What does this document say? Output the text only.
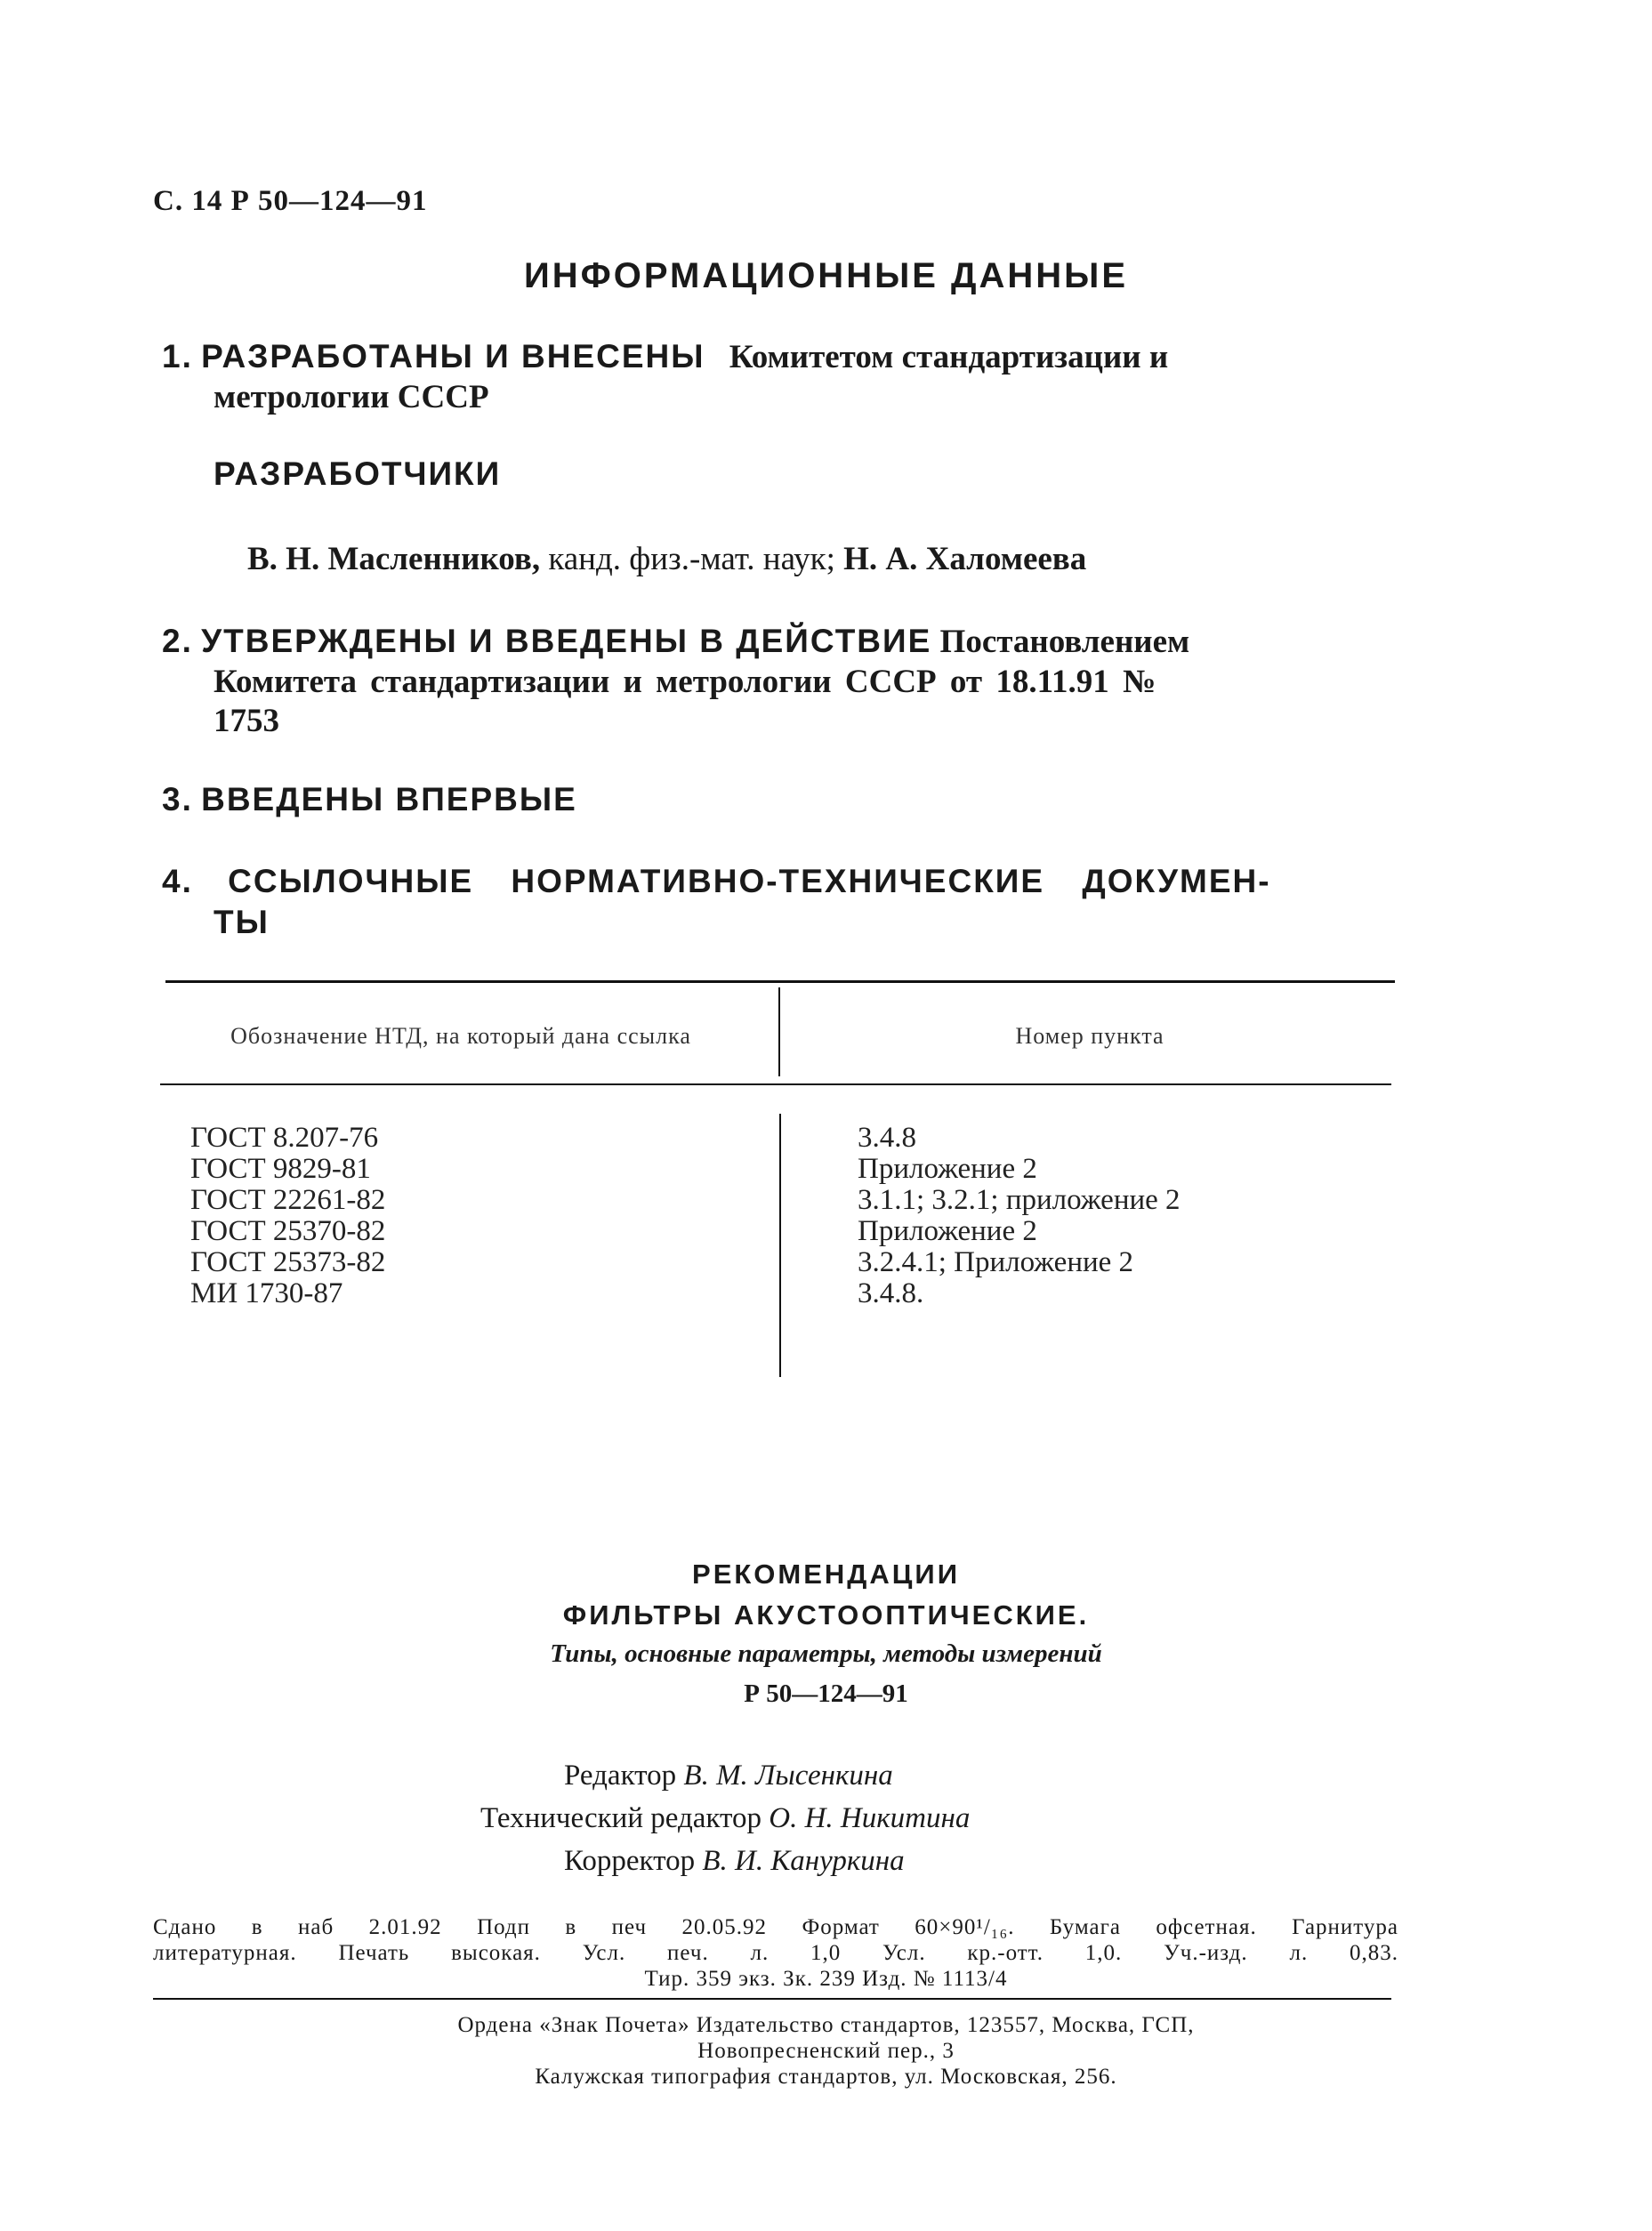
С. 14 Р 50—124—91
ИНФОРМАЦИОННЫЕ ДАННЫЕ
1. РАЗРАБОТАНЫ И ВНЕСЕНЫ Комитетом стандартизации и
метрологии СССР
РАЗРАБОТЧИКИ
В. Н. Масленников, канд. физ.-мат. наук; Н. А. Халомеева
2. УТВЕРЖДЕНЫ И ВВЕДЕНЫ В ДЕЙСТВИЕ Постановлением
Комитета стандартизации и метрологии СССР от 18.11.91 №
1753
3. ВВЕДЕНЫ ВПЕРВЫЕ
4. ССЫЛОЧНЫЕ НОРМАТИВНО-ТЕХНИЧЕСКИЕ ДОКУМЕН-
ТЫ
Обозначение НТД, на который дана ссылка	Номер пункта
ГОСТ 8.207-76
ГОСТ 9829-81
ГОСТ 22261-82
ГОСТ 25370-82
ГОСТ 25373-82
МИ 1730-87
3.4.8
Приложение 2
3.1.1; 3.2.1; приложение 2
Приложение 2
3.2.4.1; Приложение 2
3.4.8.
РЕКОМЕНДАЦИИ
ФИЛЬТРЫ АКУСТООПТИЧЕСКИЕ.
Типы, основные параметры, методы измерений
Р 50—124—91
Редактор В. М. Лысенкина
Технический редактор О. Н. Никитина
Корректор В. И. Кануркина
Сдано в наб 2.01.92 Подп в печ 20.05.92 Формат 60×90¹/₁₆. Бумага офсетная. Гарнитура
литературная. Печать высокая. Усл. печ. л. 1,0 Усл. кр.-отт. 1,0. Уч.-изд. л. 0,83.
Тир. 359 экз. Зк. 239 Изд. № 1113/4
Ордена «Знак Почета» Издательство стандартов, 123557, Москва, ГСП,
Новопресненский пер., 3
Калужская типография стандартов, ул. Московская, 256.
